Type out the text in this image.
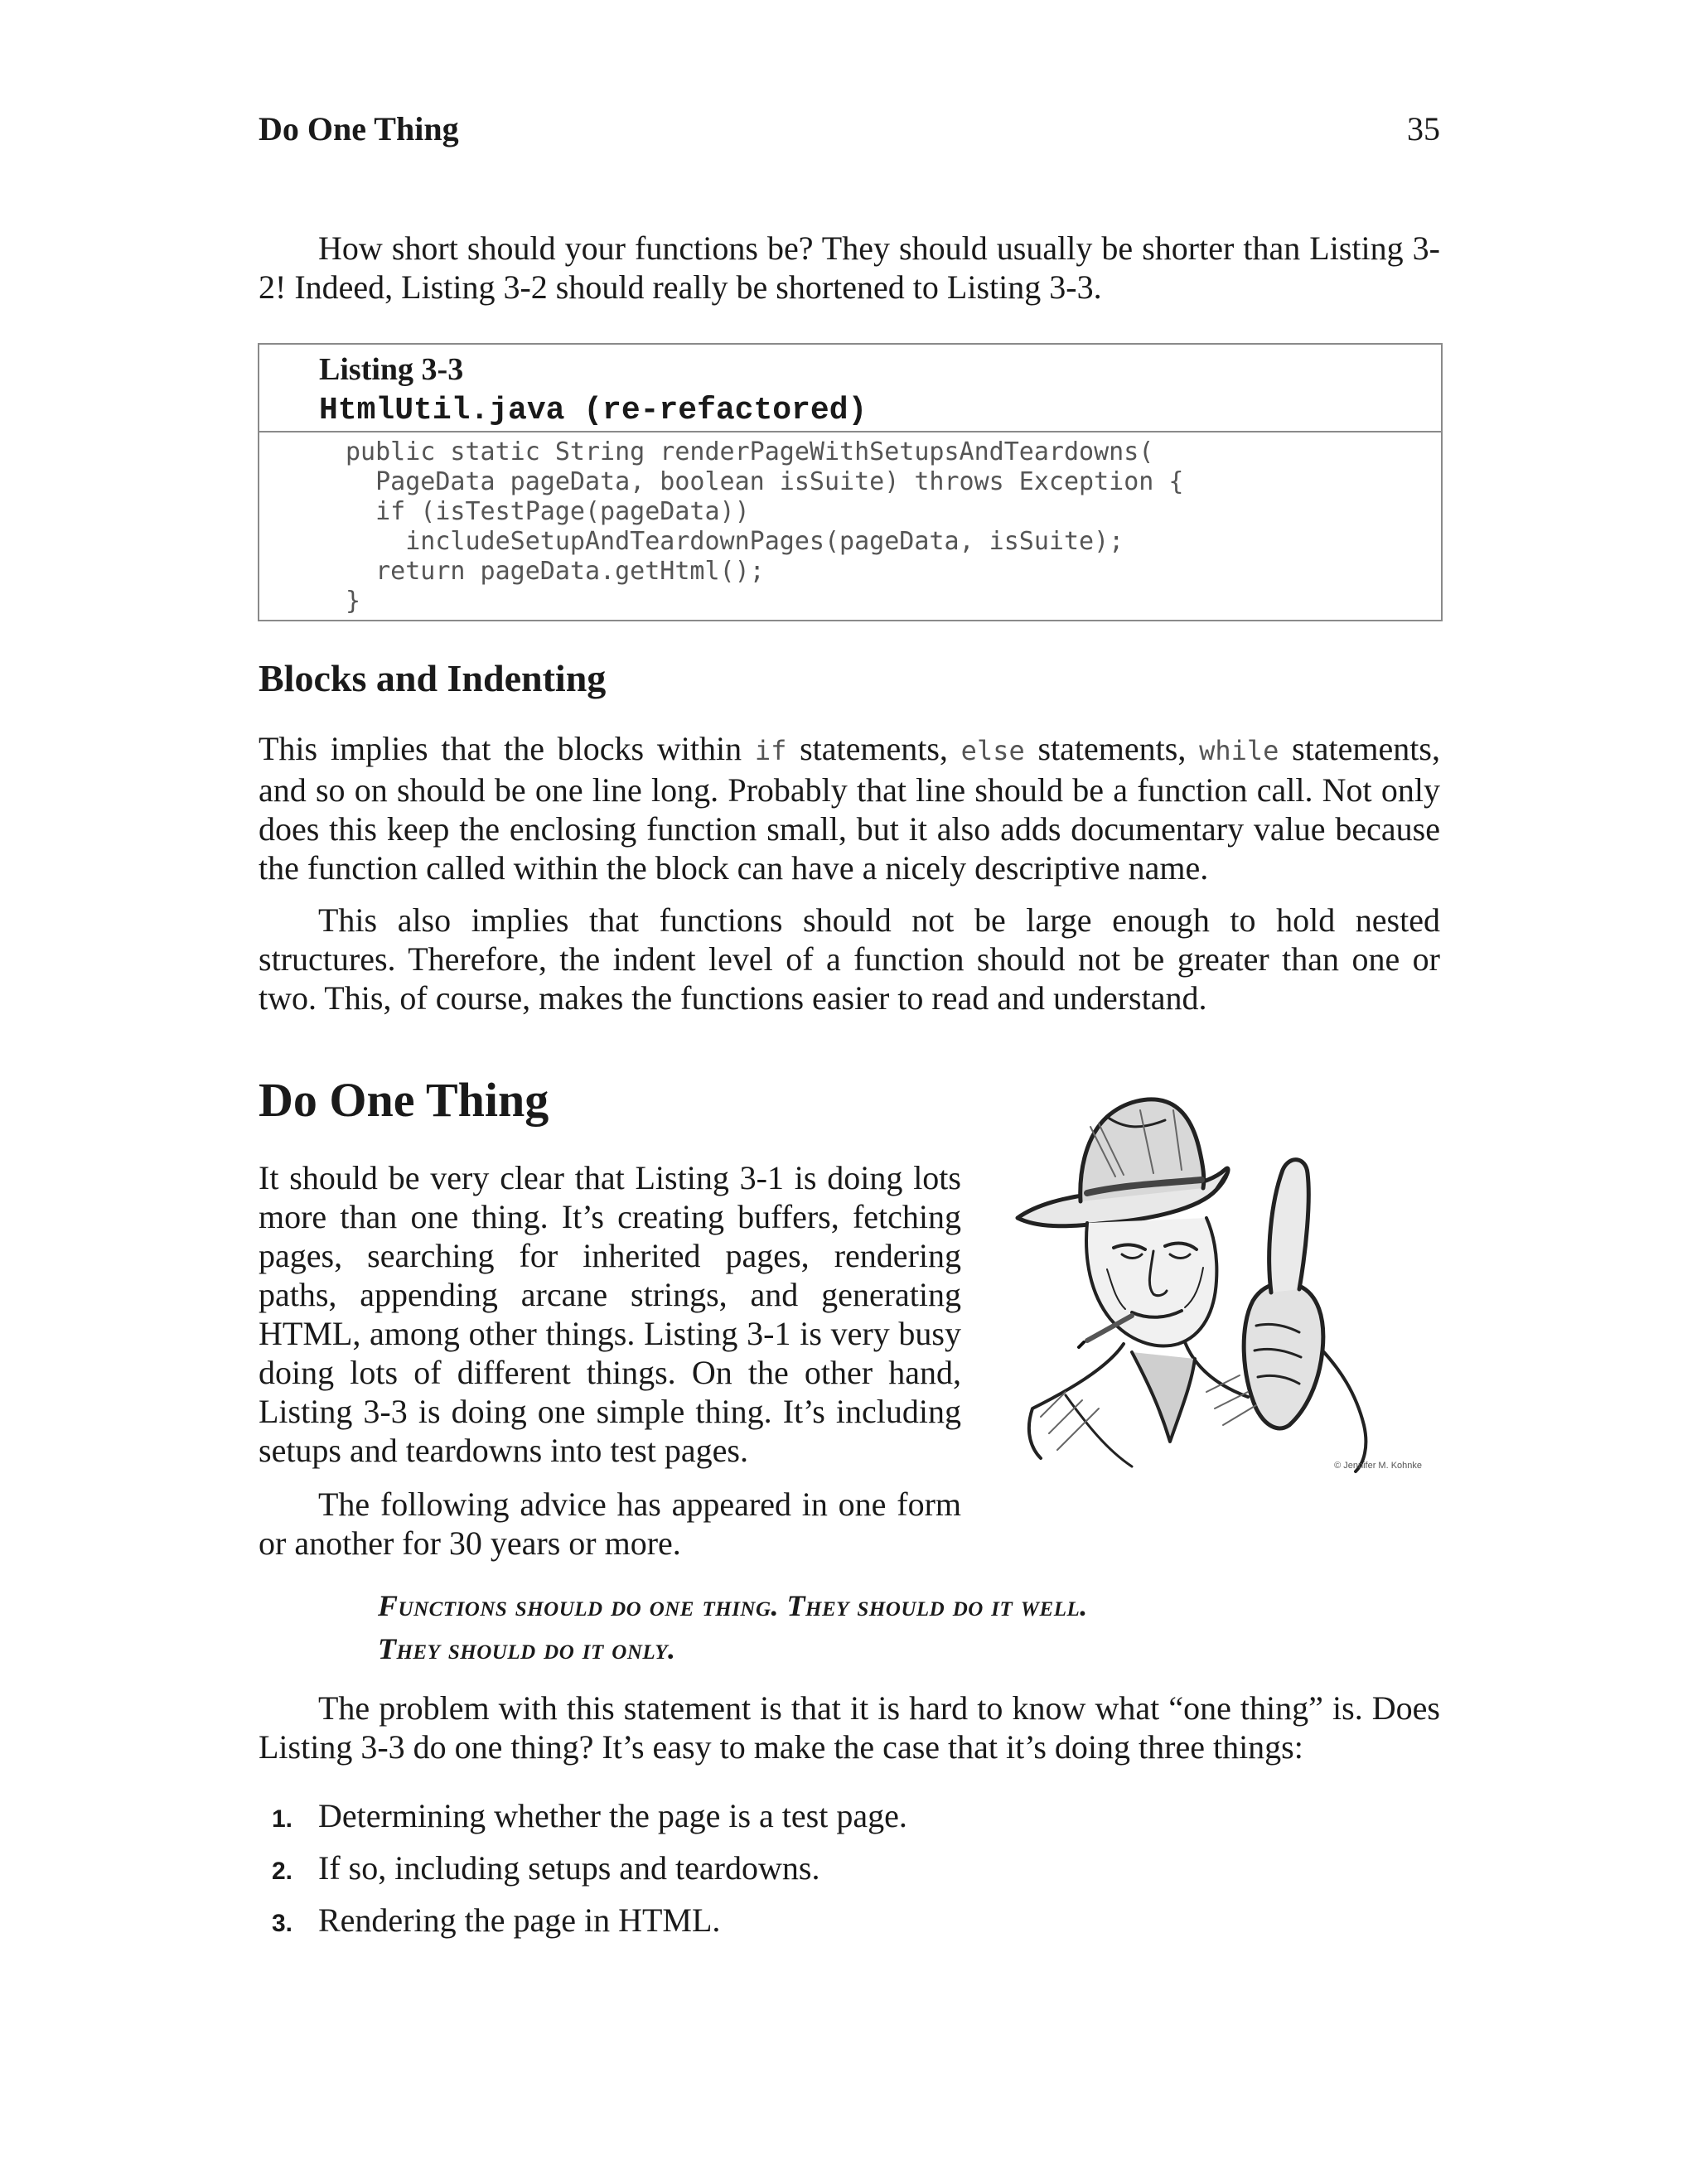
Do One Thing	35

How short should your functions be? They should usually be shorter than Listing 3-2! Indeed, Listing 3-2 should really be shortened to Listing 3-3.

Listing 3-3
HtmlUtil.java (re-refactored)
public static String renderPageWithSetupsAndTeardowns(
PageData pageData, boolean isSuite) throws Exception {
if (isTestPage(pageData))
includeSetupAndTeardownPages(pageData, isSuite);
return pageData.getHtml();
}
Blocks and Indenting

This implies that the blocks within if statements, else statements, while statements, and so on should be one line long. Probably that line should be a function call. Not only does this keep the enclosing function small, but it also adds documentary value because the function called within the block can have a nicely descriptive name.

This also implies that functions should not be large enough to hold nested structures. Therefore, the indent level of a function should not be greater than one or two. This, of course, makes the functions easier to read and understand.

Do One Thing

It should be very clear that Listing 3-1 is doing lots more than one thing. It’s creating buffers, fetching pages, searching for inherited pages, rendering paths, appending arcane strings, and generating HTML, among other things. Listing 3-1 is very busy doing lots of different things. On the other hand, Listing 3-3 is doing one simple thing. It’s including setups and teardowns into test pages.

The following advice has appeared in one form or another for 30 years or more.

Functions should do one thing. They should do it well.
They should do it only.

The problem with this statement is that it is hard to know what “one thing” is. Does Listing 3-3 do one thing? It’s easy to make the case that it’s doing three things:

1. Determining whether the page is a test page.
2. If so, including setups and teardowns.
3. Rendering the page in HTML.
© Jennifer M. Kohnke
